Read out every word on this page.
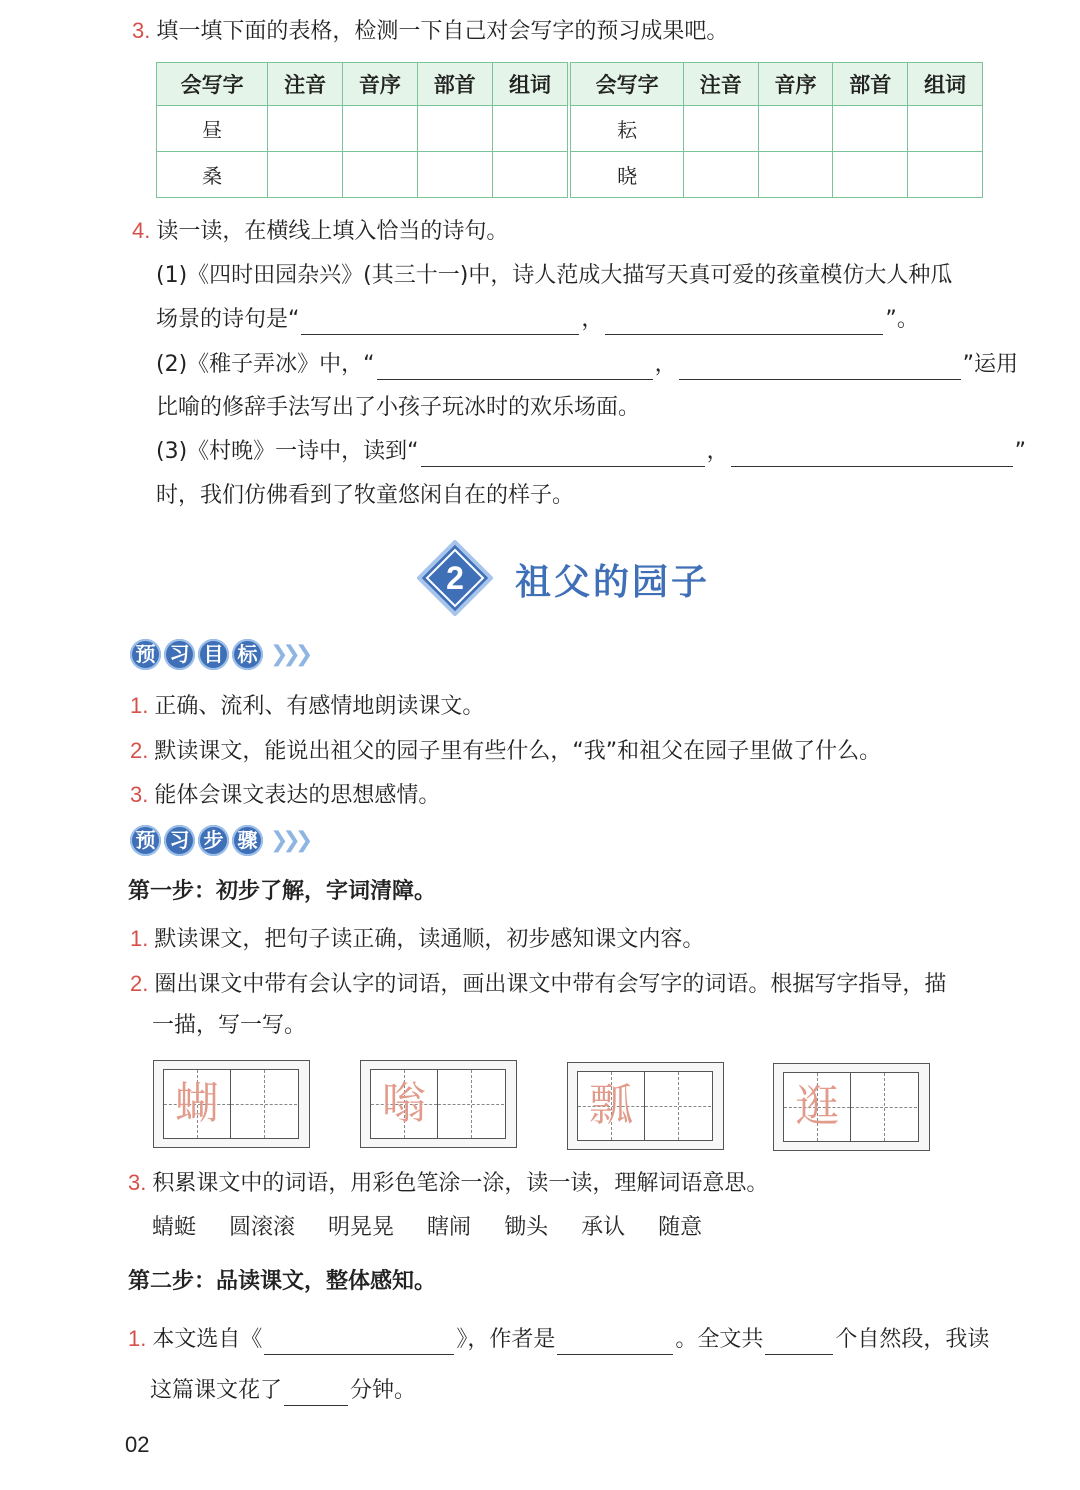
3. 填一填下面的表格，检测一下自己对会写字的预习成果吧。
会写字	注音	音序	部首	组词	会写字	注音	音序	部首	组词
昼					耘				
桑					晓				
4. 读一读，在横线上填入恰当的诗句。
(1)《四时田园杂兴》(其三十一)中，诗人范成大描写天真可爱的孩童模仿大人种瓜
场景的诗句是“	，	”。
(2)《稚子弄冰》中，“	，	”运用
比喻的修辞手法写出了小孩子玩冰时的欢乐场面。
(3)《村晚》一诗中，读到“	，	”
时，我们仿佛看到了牧童悠闲自在的样子。
2	祖父的园子
预 习 目 标 ❯❯❯
1. 正确、流利、有感情地朗读课文。
2. 默读课文，能说出祖父的园子里有些什么，“我”和祖父在园子里做了什么。
3. 能体会课文表达的思想感情。
预 习 步 骤 ❯❯❯
第一步：初步了解，字词清障。
1. 默读课文，把句子读正确，读通顺，初步感知课文内容。
2. 圈出课文中带有会认字的词语，画出课文中带有会写字的词语。根据写字指导，描
一描，写一写。
蝴	嗡	瓢	逛
3. 积累课文中的词语，用彩色笔涂一涂，读一读，理解词语意思。
蜻蜓 圆滚滚 明晃晃 瞎闹 锄头 承认 随意
第二步：品读课文，整体感知。
1. 本文选自《	》，作者是	。全文共	个自然段，我读
这篇课文花了	分钟。
02
